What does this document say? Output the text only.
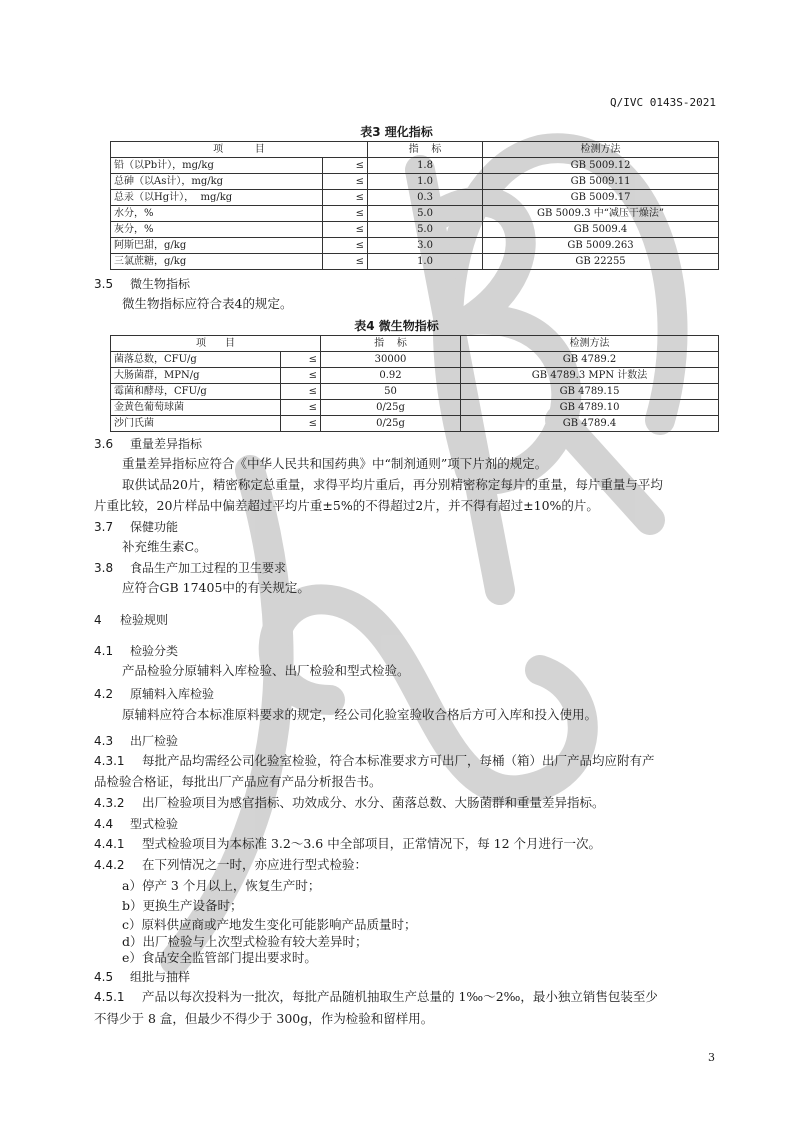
Q/IVC 0143S-2021
表3 理化指标
项          目		指    标	检测方法
铅（以Pb计），mg/kg	≤	1.8	GB 5009.12
总砷（以As计），mg/kg	≤	1.0	GB 5009.11
总汞（以Hg计），  mg/kg	≤	0.3	GB 5009.17
水分，%	≤	5.0	GB 5009.3 中“减压干燥法”
灰分，%	≤	5.0	GB 5009.4
阿斯巴甜，g/kg	≤	3.0	GB 5009.263
三氯蔗糖，g/kg	≤	1.0	GB 22255
3.5 微生物指标
微生物指标应符合表4的规定。
表4 微生物指标
项      目		指    标	检测方法
菌落总数，CFU/g	≤	30000	GB 4789.2
大肠菌群，MPN/g	≤	0.92	GB 4789.3 MPN 计数法
霉菌和酵母，CFU/g	≤	50	GB 4789.15
金黄色葡萄球菌	≤	0/25g	GB 4789.10
沙门氏菌	≤	0/25g	GB 4789.4
3.6 重量差异指标
重量差异指标应符合《中华人民共和国药典》中“制剂通则”项下片剂的规定。
取供试品20片，精密称定总重量，求得平均片重后，再分别精密称定每片的重量，每片重量与平均
片重比较，20片样品中偏差超过平均片重±5%的不得超过2片，并不得有超过±10%的片。
3.7 保健功能
补充维生素C。
3.8 食品生产加工过程的卫生要求
应符合GB 17405中的有关规定。
4 检验规则
4.1 检验分类
产品检验分原辅料入库检验、出厂检验和型式检验。
4.2 原辅料入库检验
原辅料应符合本标准原料要求的规定，经公司化验室验收合格后方可入库和投入使用。
4.3 出厂检验
4.3.1 每批产品均需经公司化验室检验，符合本标准要求方可出厂，每桶（箱）出厂产品均应附有产
品检验合格证，每批出厂产品应有产品分析报告书。
4.3.2 出厂检验项目为感官指标、功效成分、水分、菌落总数、大肠菌群和重量差异指标。
4.4 型式检验
4.4.1 型式检验项目为本标准 3.2～3.6 中全部项目，正常情况下，每 12 个月进行一次。
4.4.2 在下列情况之一时，亦应进行型式检验：
a）停产 3 个月以上，恢复生产时；
b）更换生产设备时；
c）原料供应商或产地发生变化可能影响产品质量时；
d）出厂检验与上次型式检验有较大差异时；
e）食品安全监管部门提出要求时。
4.5 组批与抽样
4.5.1 产品以每次投料为一批次，每批产品随机抽取生产总量的 1‰～2‰，最小独立销售包装至少
不得少于 8 盒，但最少不得少于 300g，作为检验和留样用。
3
